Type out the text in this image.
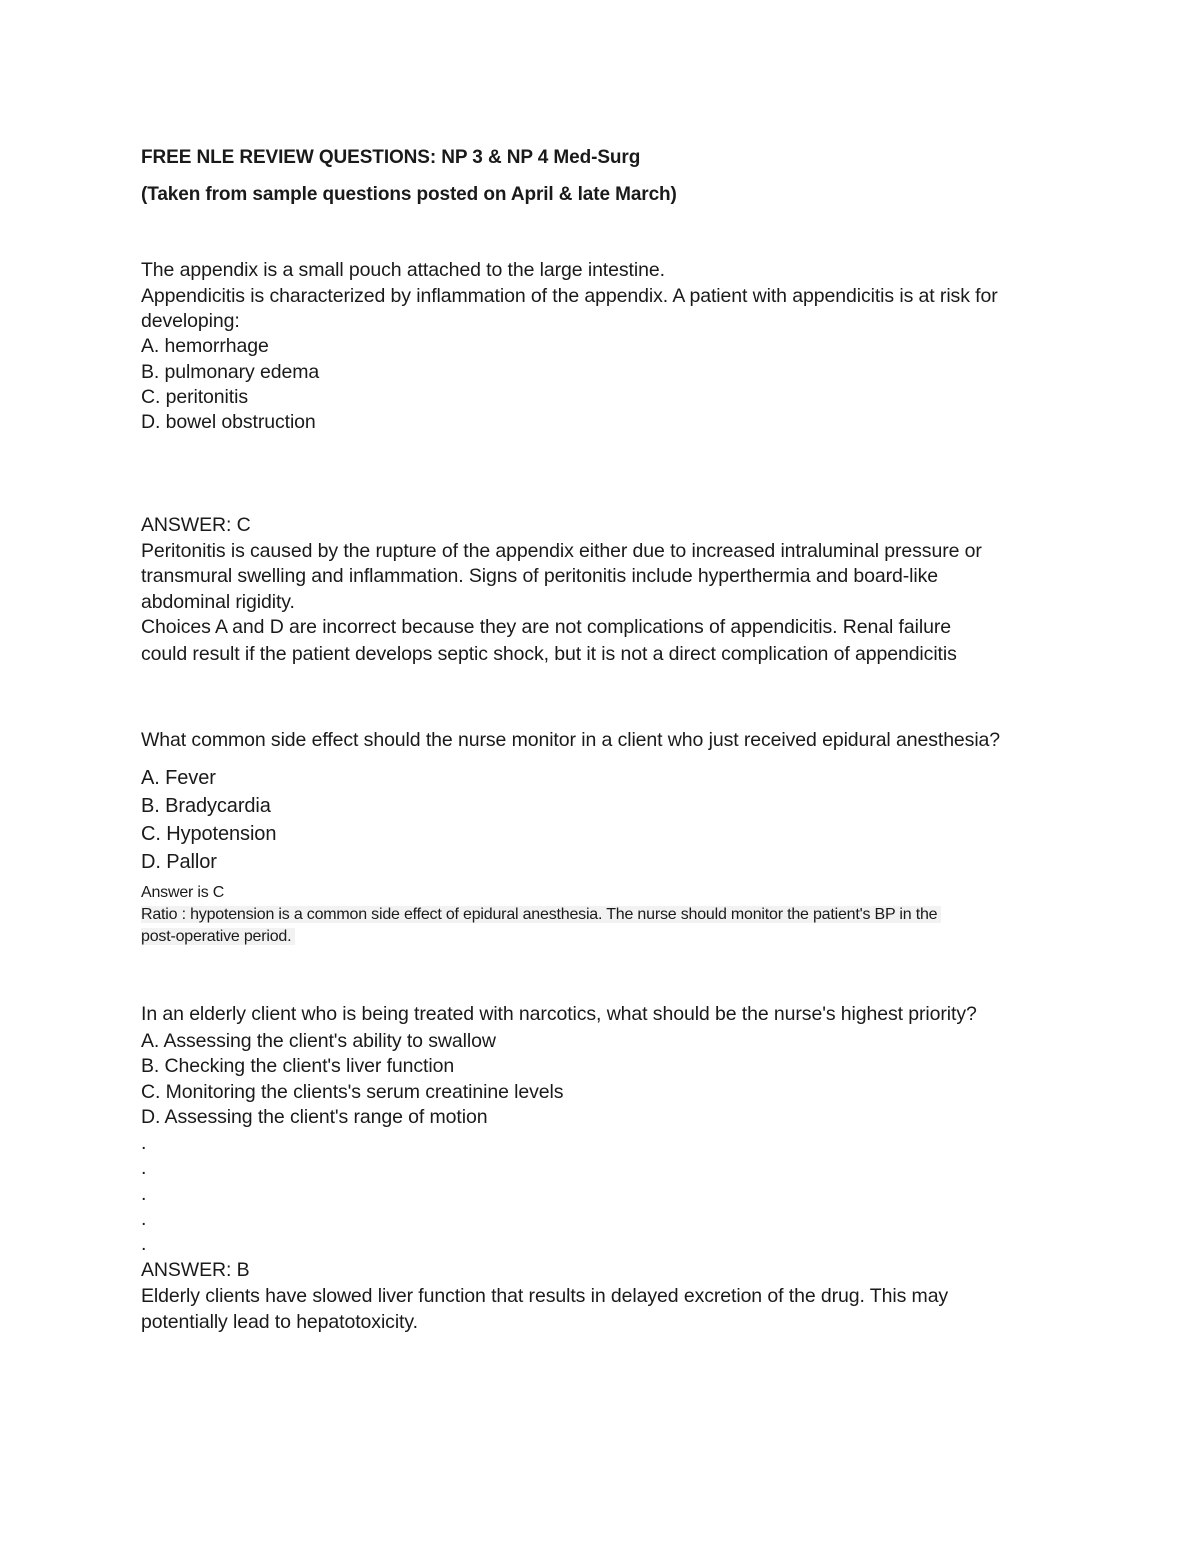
FREE NLE REVIEW QUESTIONS: NP 3 & NP 4 Med-Surg
(Taken from sample questions posted on April & late March)
The appendix is a small pouch attached to the large intestine.
Appendicitis is characterized by inflammation of the appendix. A patient with appendicitis is at risk for
developing:
A. hemorrhage
B. pulmonary edema
C. peritonitis
D. bowel obstruction
ANSWER: C
Peritonitis is caused by the rupture of the appendix either due to increased intraluminal pressure or
transmural swelling and inflammation. Signs of peritonitis include hyperthermia and board-like
abdominal rigidity.
Choices A and D are incorrect because they are not complications of appendicitis. Renal failure
could result if the patient develops septic shock, but it is not a direct complication of appendicitis
What common side effect should the nurse monitor in a client who just received epidural anesthesia?
A. Fever
B. Bradycardia
C. Hypotension
D. Pallor
Answer is C
Ratio : hypotension is a common side effect of epidural anesthesia. The nurse should monitor the patient's BP in the
post-operative period.
In an elderly client who is being treated with narcotics, what should be the nurse's highest priority?
A. Assessing the client's ability to swallow
B. Checking the client's liver function
C. Monitoring the clients's serum creatinine levels
D. Assessing the client's range of motion
.
.
.
.
.
ANSWER: B
Elderly clients have slowed liver function that results in delayed excretion of the drug. This may
potentially lead to hepatotoxicity.
